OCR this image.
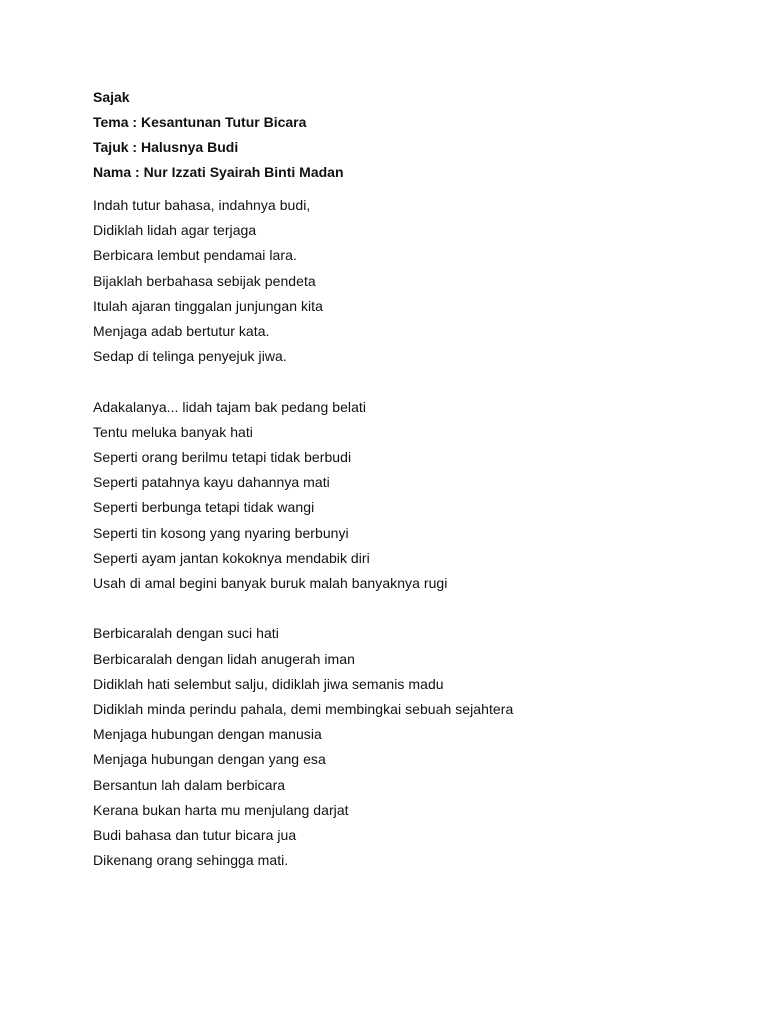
Sajak
Tema : Kesantunan Tutur Bicara
Tajuk : Halusnya Budi
Nama : Nur Izzati Syairah Binti Madan
Indah tutur bahasa, indahnya budi,
Didiklah lidah agar terjaga
Berbicara lembut pendamai lara.
Bijaklah berbahasa sebijak pendeta
Itulah ajaran tinggalan junjungan kita
Menjaga adab bertutur kata.
Sedap di telinga penyejuk jiwa.
Adakalanya... lidah tajam bak pedang belati
Tentu meluka banyak hati
Seperti orang berilmu tetapi tidak berbudi
Seperti patahnya kayu dahannya mati
Seperti berbunga tetapi tidak wangi
Seperti tin kosong yang nyaring berbunyi
Seperti ayam jantan kokoknya mendabik diri
Usah di amal begini banyak buruk malah banyaknya rugi
Berbicaralah dengan suci hati
Berbicaralah dengan lidah anugerah iman
Didiklah hati selembut salju, didiklah jiwa semanis madu
Didiklah minda perindu pahala, demi membingkai sebuah sejahtera
Menjaga hubungan dengan manusia
Menjaga hubungan dengan yang esa
Bersantun lah dalam berbicara
Kerana bukan harta mu menjulang darjat
Budi bahasa dan tutur bicara jua
Dikenang orang sehingga mati.
